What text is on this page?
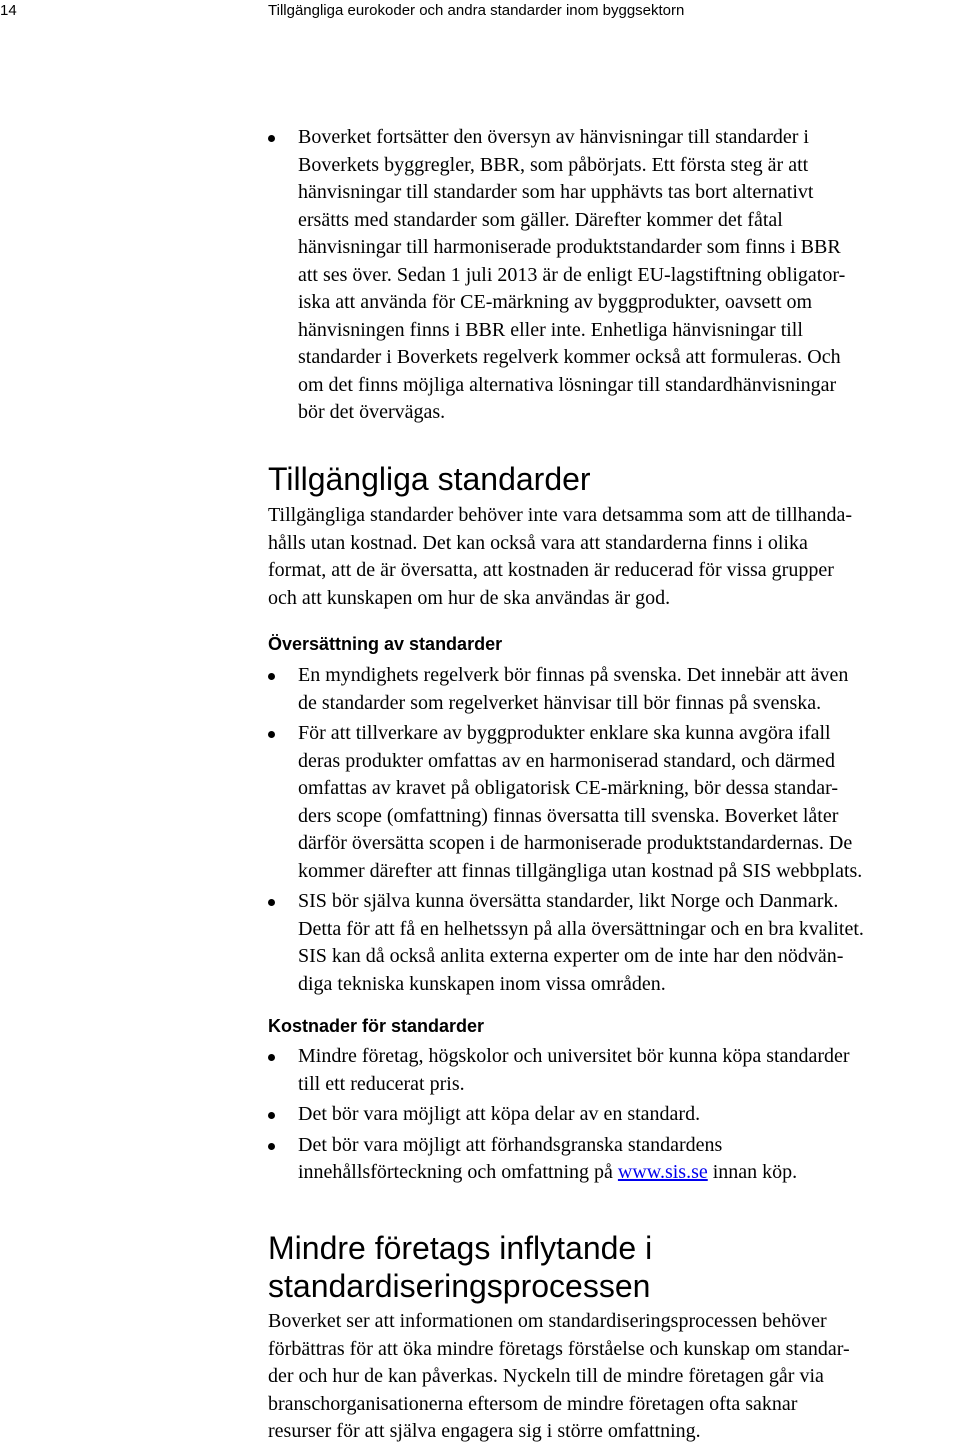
14	Tillgängliga eurokoder och andra standarder inom byggsektorn
Boverket fortsätter den översyn av hänvisningar till standarder i
Boverkets byggregler, BBR, som påbörjats. Ett första steg är att
hänvisningar till standarder som har upphävts tas bort alternativt
ersätts med standarder som gäller. Därefter kommer det fåtal
hänvisningar till harmoniserade produktstandarder som finns i BBR
att ses över. Sedan 1 juli 2013 är de enligt EU-lagstiftning obligator-
iska att använda för CE-märkning av byggprodukter, oavsett om
hänvisningen finns i BBR eller inte. Enhetliga hänvisningar till
standarder i Boverkets regelverk kommer också att formuleras. Och
om det finns möjliga alternativa lösningar till standardhänvisningar
bör det övervägas.
Tillgängliga standarder
Tillgängliga standarder behöver inte vara detsamma som att de tillhanda-
hålls utan kostnad. Det kan också vara att standarderna finns i olika
format, att de är översatta, att kostnaden är reducerad för vissa grupper
och att kunskapen om hur de ska användas är god.
Översättning av standarder
En myndighets regelverk bör finnas på svenska. Det innebär att även
de standarder som regelverket hänvisar till bör finnas på svenska.
För att tillverkare av byggprodukter enklare ska kunna avgöra ifall
deras produkter omfattas av en harmoniserad standard, och därmed
omfattas av kravet på obligatorisk CE-märkning, bör dessa standar-
ders scope (omfattning) finnas översatta till svenska. Boverket låter
därför översätta scopen i de harmoniserade produktstandardernas. De
kommer därefter att finnas tillgängliga utan kostnad på SIS webbplats.
SIS bör själva kunna översätta standarder, likt Norge och Danmark.
Detta för att få en helhetssyn på alla översättningar och en bra kvalitet.
SIS kan då också anlita externa experter om de inte har den nödvän-
diga tekniska kunskapen inom vissa områden.
Kostnader för standarder
Mindre företag, högskolor och universitet bör kunna köpa standarder
till ett reducerat pris.
Det bör vara möjligt att köpa delar av en standard.
Det bör vara möjligt att förhandsgranska standardens
innehållsförteckning och omfattning på www.sis.se innan köp.
Mindre företags inflytande i
standardiseringsprocessen
Boverket ser att informationen om standardiseringsprocessen behöver
förbättras för att öka mindre företags förståelse och kunskap om standar-
der och hur de kan påverkas. Nyckeln till de mindre företagen går via
branschorganisationerna eftersom de mindre företagen ofta saknar
resurser för att själva engagera sig i större omfattning.
